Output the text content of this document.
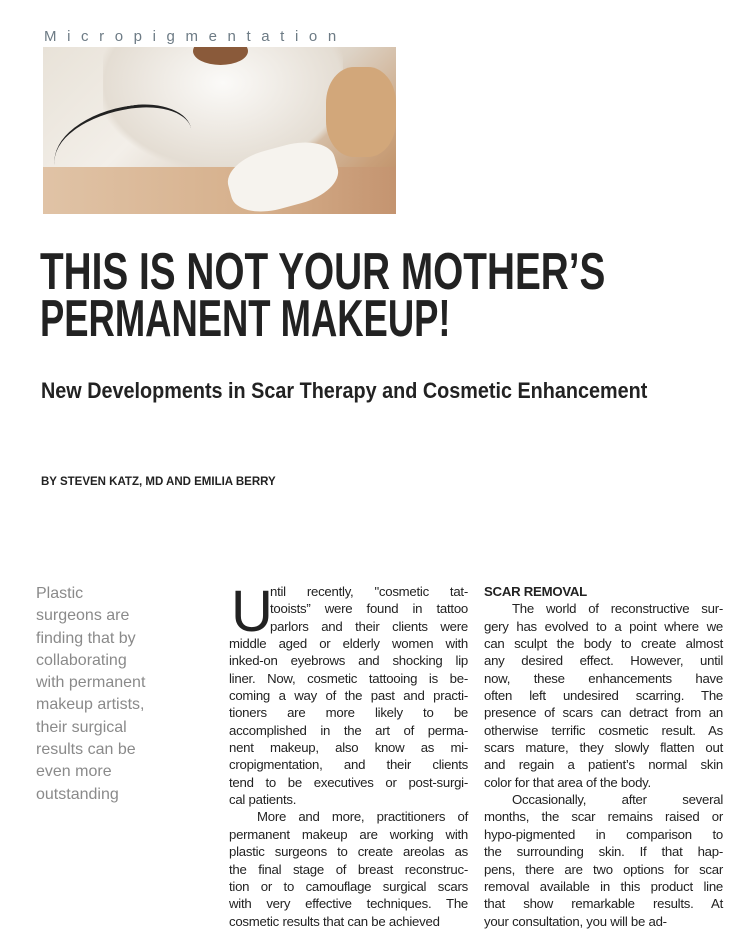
Micropigmentation
THIS IS NOT YOUR MOTHER’S
PERMANENT MAKEUP!
New Developments in Scar Therapy and Cosmetic Enhancement
BY STEVEN KATZ, MD AND EMILIA BERRY
Plastic
surgeons are
finding that by
collaborating
with permanent
makeup artists,
their surgical
results can be
even more
outstanding
U
ntil recently, "cosmetic tat-
tooists” were found in tattoo
parlors and their clients were
middle aged or elderly women with
inked-on eyebrows and shocking lip
liner. Now, cosmetic tattooing is be-
coming a way of the past and practi-
tioners are more likely to be
accomplished in the art of perma-
nent makeup, also know as mi-
cropigmentation, and their clients
tend to be executives or post-surgi-
cal patients.
More and more, practitioners of
permanent makeup are working with
plastic surgeons to create areolas as
the final stage of breast reconstruc-
tion or to camouflage surgical scars
with very effective techniques. The
cosmetic results that can be achieved
SCAR REMOVAL
The world of reconstructive sur-
gery has evolved to a point where we
can sculpt the body to create almost
any desired effect. However, until
now, these enhancements have
often left undesired scarring. The
presence of scars can detract from an
otherwise terrific cosmetic result. As
scars mature, they slowly flatten out
and regain a patient’s normal skin
color for that area of the body.
Occasionally, after several
months, the scar remains raised or
hypo-pigmented in comparison to
the surrounding skin. If that hap-
pens, there are two options for scar
removal available in this product line
that show remarkable results. At
your consultation, you will be ad-
